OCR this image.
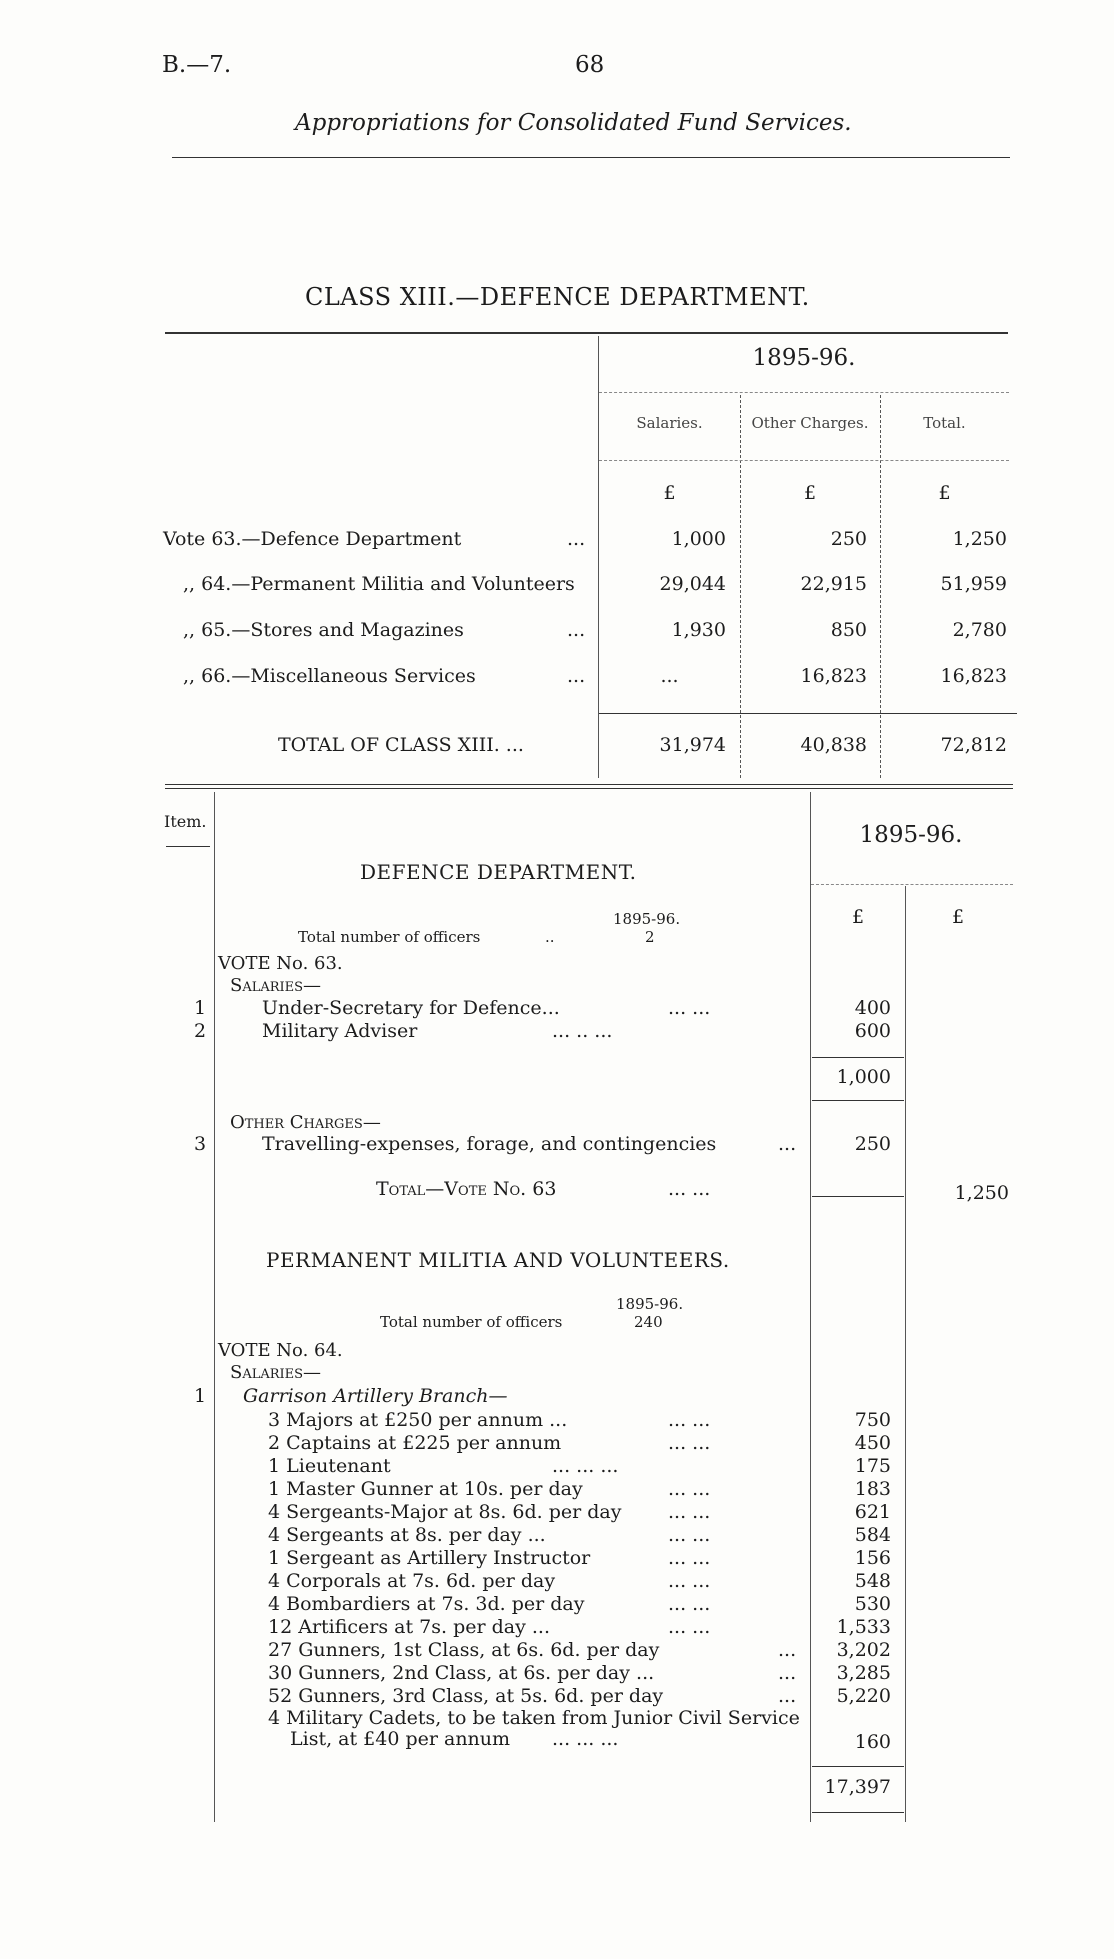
B.—7.	68
Appropriations for Consolidated Fund Services.
CLASS XIII.—DEFENCE DEPARTMENT.
1895-96.
Salaries.	Other Charges.	Total.
£	£	£
Vote 63.—Defence Department	...	1,000	250	1,250
,, 64.—Permanent Militia and Volunteers	29,044	22,915	51,959
,, 65.—Stores and Magazines	...	1,930	850	2,780
,, 66.—Miscellaneous Services	...	...	16,823	16,823
TOTAL OF CLASS XIII. ...	31,974	40,838	72,812
Item.
1895-96.
£	£
DEFENCE DEPARTMENT.
1895-96.
Total number of officers	..	2
VOTE No. 63.
Salaries—
1	Under-Secretary for Defence...	... ...	400
2	Military Adviser	... .. ...	600
1,000
Other Charges—
3	Travelling-expenses, forage, and contingencies	...	250
Total—Vote No. 63	... ...	1,250
PERMANENT MILITIA AND VOLUNTEERS.
1895-96.
Total number of officers	240
VOTE No. 64.
Salaries—
1 Garrison Artillery Branch—
3 Majors at £250 per annum ...	... ...	750
2 Captains at £225 per annum	... ...	450
1 Lieutenant	... ... ...	175
1 Master Gunner at 10s. per day	... ...	183
4 Sergeants-Major at 8s. 6d. per day ... ...	621
4 Sergeants at 8s. per day ...	... ...	584
1 Sergeant as Artillery Instructor	... ...	156
4 Corporals at 7s. 6d. per day	... ...	548
4 Bombardiers at 7s. 3d. per day	... ...	530
12 Artificers at 7s. per day ...	... ...	1,533
27 Gunners, 1st Class, at 6s. 6d. per day	...	3,202
30 Gunners, 2nd Class, at 6s. per day ...	...	3,285
52 Gunners, 3rd Class, at 5s. 6d. per day	...	5,220
4 Military Cadets, to be taken from Junior Civil Service
List, at £40 per annum ... ... ...	160
17,397
